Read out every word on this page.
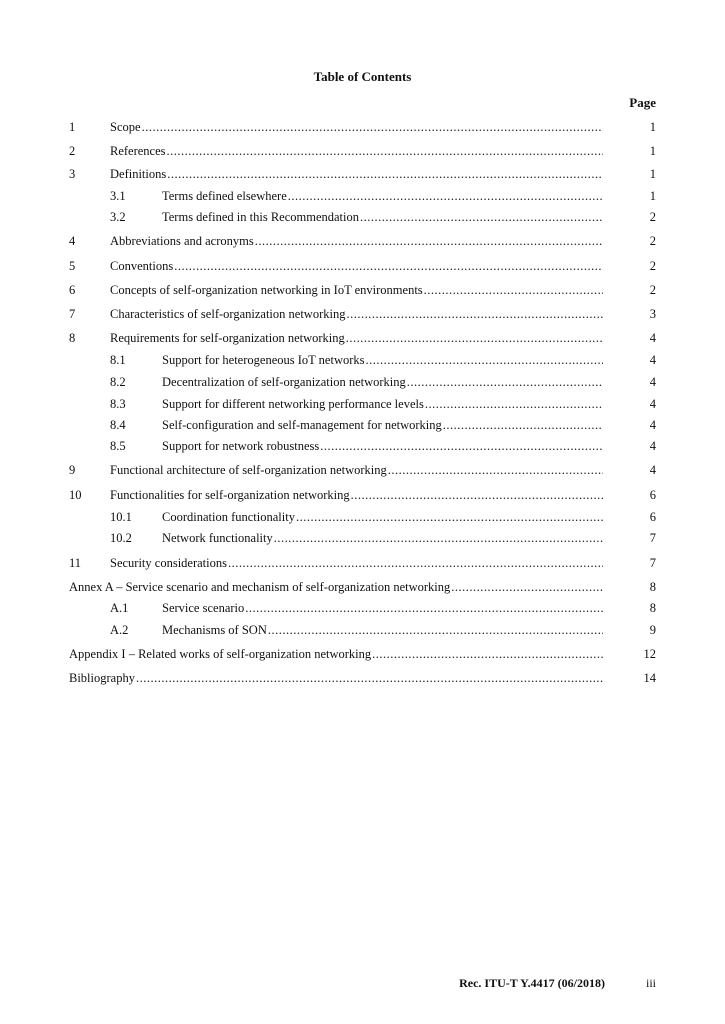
Table of Contents
Page
1	Scope .....	1
2	References .....	1
3	Definitions .....	1
3.1	Terms defined elsewhere .....	1
3.2	Terms defined in this Recommendation .....	2
4	Abbreviations and acronyms .....	2
5	Conventions .....	2
6	Concepts of self-organization networking in IoT environments .....	2
7	Characteristics of self-organization networking .....	3
8	Requirements for self-organization networking .....	4
8.1	Support for heterogeneous IoT networks .....	4
8.2	Decentralization of self-organization networking .....	4
8.3	Support for different networking performance levels .....	4
8.4	Self-configuration and self-management for networking .....	4
8.5	Support for network robustness .....	4
9	Functional architecture of self-organization networking .....	4
10 Functionalities for self-organization networking .....	6
10.1 Coordination functionality .....	6
10.2 Network functionality .....	7
11 Security considerations .....	7
Annex A – Service scenario and mechanism of self-organization networking .....	8
A.1	Service scenario .....	8
A.2	Mechanisms of SON .....	9
Appendix I – Related works of self-organization networking .....	12
Bibliography .....	14
Rec. ITU-T Y.4417 (06/2018)	iii
